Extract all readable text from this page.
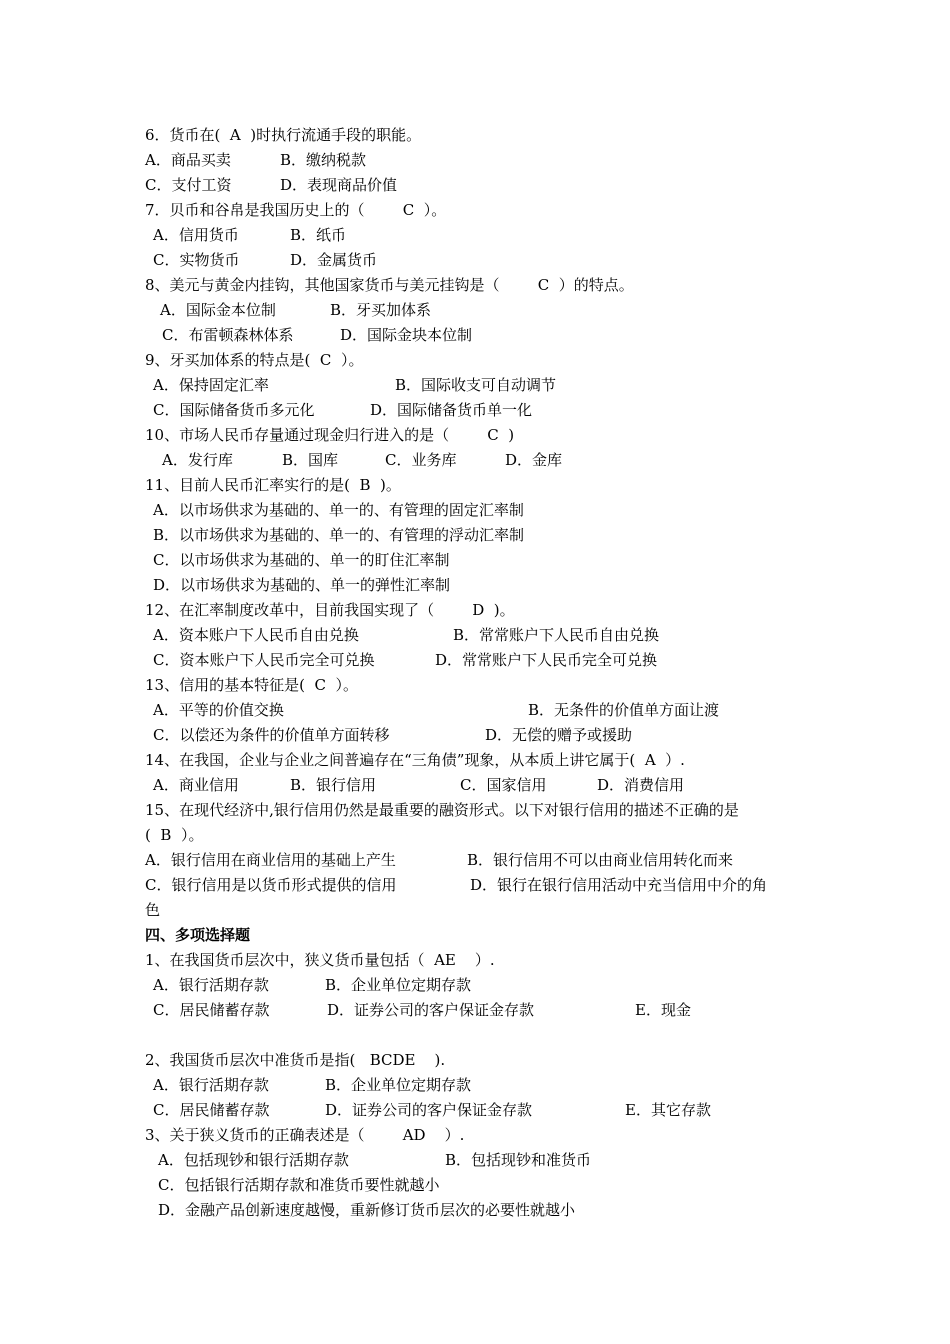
6．货币在(  A  )时执行流通手段的职能。
A．商品买卖	B．缴纳税款
C．支付工资	D．表现商品价值
7．贝币和谷帛是我国历史上的（        C  ）。
A．信用货币	B．纸币
C．实物货币	D．金属货币
8、美元与黄金内挂钩，其他国家货币与美元挂钩是（        C  ）的特点。
A．国际金本位制	B．牙买加体系
C．布雷顿森林体系	D．国际金块本位制
9、牙买加体系的特点是(  C  ）。
A．保持固定汇率	B．国际收支可自动调节
C．国际储备货币多元化	D．国际储备货币单一化
10、市场人民币存量通过现金归行进入的是（        C  )
A．发行库	B．国库	C．业务库	D．金库
11、目前人民币汇率实行的是(  B  )。
A．以市场供求为基础的、单一的、有管理的固定汇率制
B．以市场供求为基础的、单一的、有管理的浮动汇率制
C．以市场供求为基础的、单一的盯住汇率制
D．以市场供求为基础的、单一的弹性汇率制
12、在汇率制度改革中，目前我国实现了（        D  )。
A．资本账户下人民币自由兑换	B．常常账户下人民币自由兑换
C．资本账户下人民币完全可兑换	D．常常账户下人民币完全可兑换
13、信用的基本特征是(  C  ）。
A．平等的价值交换	B．无条件的价值单方面让渡
C．以偿还为条件的价值单方面转移	D．无偿的赠予或援助
14、在我国，企业与企业之间普遍存在“三角债”现象，从本质上讲它属于(  A  ）.
A．商业信用	B．银行信用	C．国家信用	D．消费信用
15、在现代经济中,银行信用仍然是最重要的融资形式。以下对银行信用的描述不正确的是
(  B  ）。
A．银行信用在商业信用的基础上产生	B．银行信用不可以由商业信用转化而来
C．银行信用是以货币形式提供的信用	D．银行在银行信用活动中充当信用中介的角
色
四、多项选择题
1、在我国货币层次中，狭义货币量包括（  AE    ）.
A．银行活期存款	B．企业单位定期存款
C．居民储蓄存款	D．证券公司的客户保证金存款	E．现金
2、我国货币层次中准货币是指(   BCDE    ).
A．银行活期存款	B．企业单位定期存款
C．居民储蓄存款	D．证券公司的客户保证金存款	E．其它存款
3、关于狭义货币的正确表述是（        AD    ）.
A．包括现钞和银行活期存款	B．包括现钞和准货币
C．包括银行活期存款和准货币要性就越小
D．金融产品创新速度越慢，重新修订货币层次的必要性就越小
